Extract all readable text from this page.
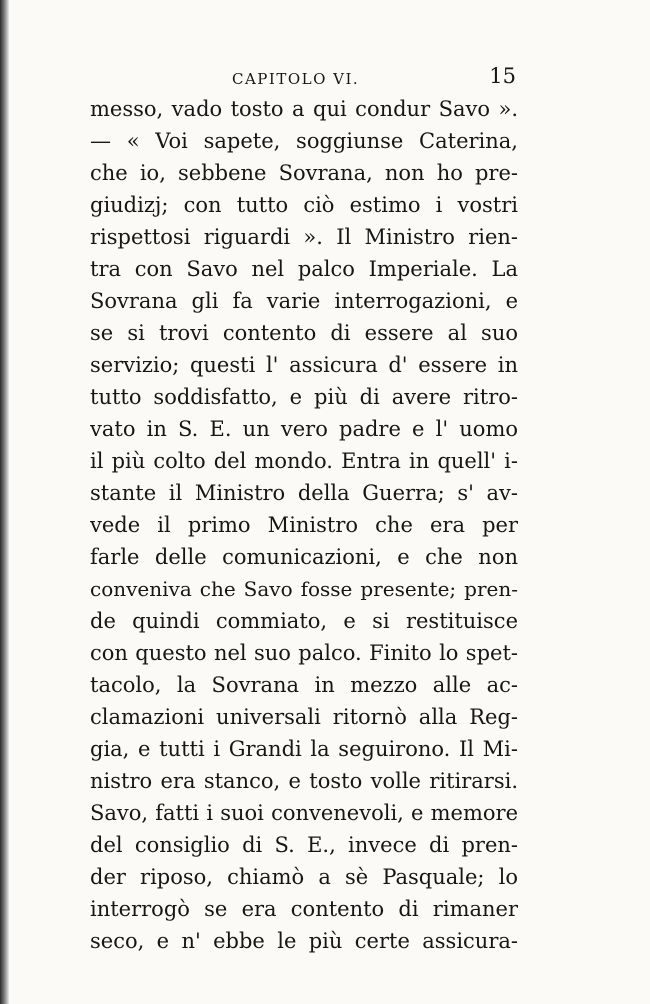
CAPITOLO VI.	15
messo, vado tosto a qui condur Savo ».
— « Voi sapete, soggiunse Caterina,
che io, sebbene Sovrana, non ho pre-
giudizj; con tutto ciò estimo i vostri
rispettosi riguardi ». Il Ministro rien-
tra con Savo nel palco Imperiale. La
Sovrana gli fa varie interrogazioni, e
se si trovi contento di essere al suo
servizio; questi l' assicura d' essere in
tutto soddisfatto, e più di avere ritro-
vato in S. E. un vero padre e l' uomo
il più colto del mondo. Entra in quell' i-
stante il Ministro della Guerra; s' av-
vede il primo Ministro che era per
farle delle comunicazioni, e che non
conveniva che Savo fosse presente; pren-
de quindi commiato, e si restituisce
con questo nel suo palco. Finito lo spet-
tacolo, la Sovrana in mezzo alle ac-
clamazioni universali ritornò alla Reg-
gia, e tutti i Grandi la seguirono. Il Mi-
nistro era stanco, e tosto volle ritirarsi.
Savo, fatti i suoi convenevoli, e memore
del consiglio di S. E., invece di pren-
der riposo, chiamò a sè Pasquale; lo
interrogò se era contento di rimaner
seco, e n' ebbe le più certe assicura-
